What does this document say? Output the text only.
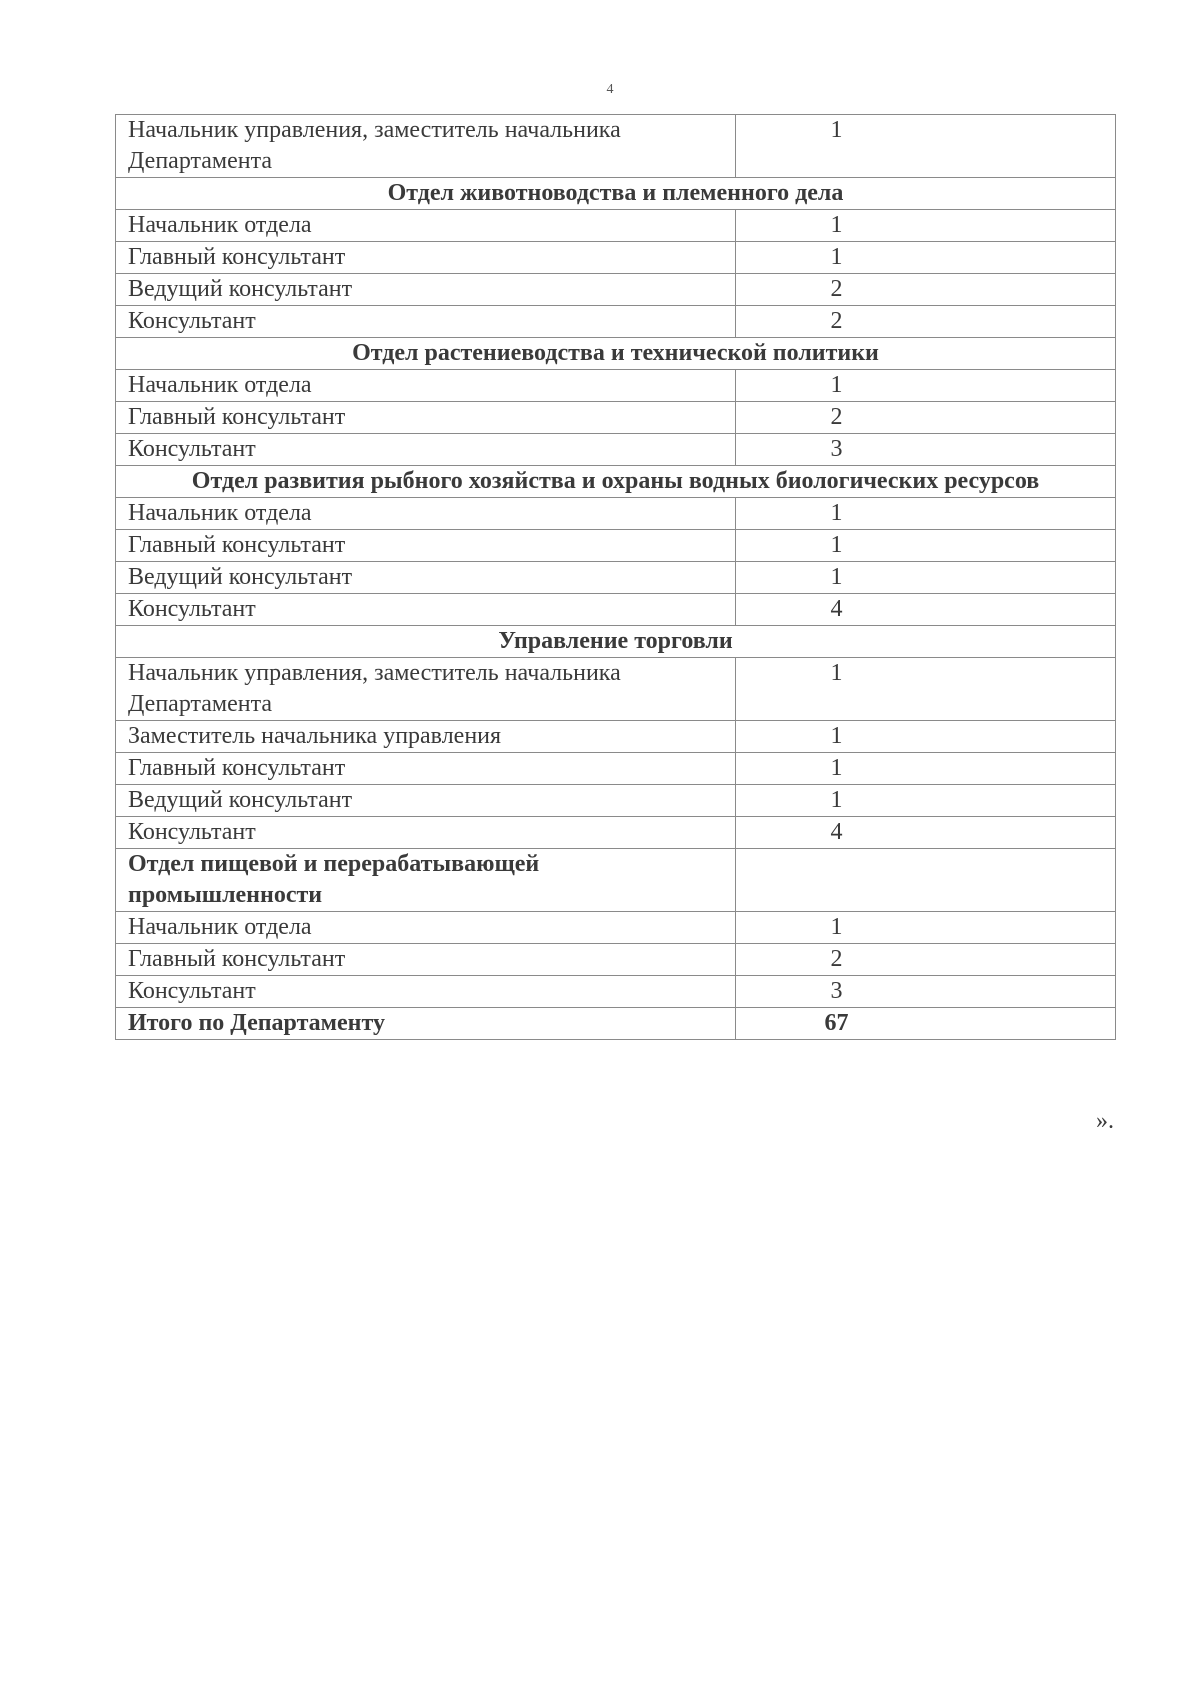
4
Начальник управления, заместитель начальника Департамента	1
Отдел животноводства и племенного дела	
Начальник отдела	1
Главный консультант	1
Ведущий консультант	2
Консультант	2
Отдел растениеводства и технической политики	
Начальник отдела	1
Главный консультант	2
Консультант	3
Отдел развития рыбного хозяйства и охраны водных биологических ресурсов	
Начальник отдела	1
Главный консультант	1
Ведущий консультант	1
Консультант	4
Управление торговли	
Начальник управления, заместитель начальника Департамента	1
Заместитель начальника управления	1
Главный консультант	1
Ведущий консультант	1
Консультант	4
Отдел пищевой и перерабатывающей промышленности	
Начальник отдела	1
Главный консультант	2
Консультант	3
Итого по Департаменту	67
».
